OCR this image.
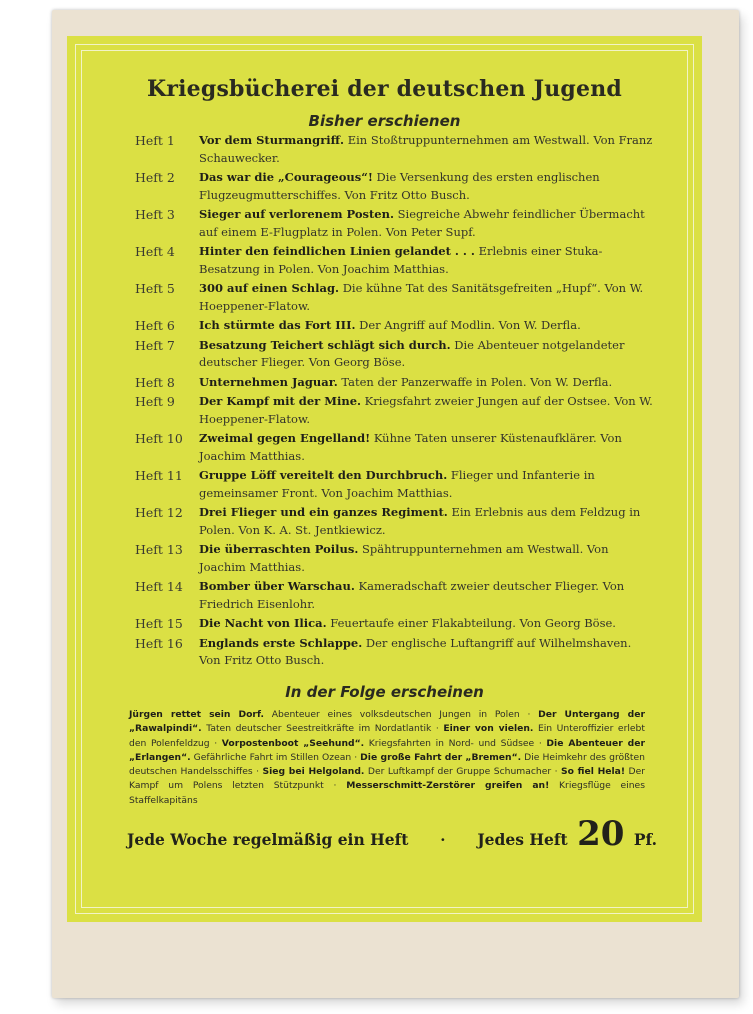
Kriegsbücherei der deutschen Jugend
Bisher erschienen
Heft 1	Vor dem Sturmangriff. Ein Stoßtruppunternehmen am Westwall. Von Franz Schauwecker.
Heft 2	Das war die „Courageous“! Die Versenkung des ersten englischen Flugzeugmutterschiffes. Von Fritz Otto Busch.
Heft 3	Sieger auf verlorenem Posten. Siegreiche Abwehr feindlicher Übermacht auf einem E-Flugplatz in Polen. Von Peter Supf.
Heft 4	Hinter den feindlichen Linien gelandet . . . Erlebnis einer Stuka-Besatzung in Polen. Von Joachim Matthias.
Heft 5	300 auf einen Schlag. Die kühne Tat des Sanitätsgefreiten „Hupf“. Von W. Hoeppener-Flatow.
Heft 6	Ich stürmte das Fort III. Der Angriff auf Modlin. Von W. Derfla.
Heft 7	Besatzung Teichert schlägt sich durch. Die Abenteuer notgelandeter deutscher Flieger. Von Georg Böse.
Heft 8	Unternehmen Jaguar. Taten der Panzerwaffe in Polen. Von W. Derfla.
Heft 9	Der Kampf mit der Mine. Kriegsfahrt zweier Jungen auf der Ostsee. Von W. Hoeppener-Flatow.
Heft 10	Zweimal gegen Engelland! Kühne Taten unserer Küstenaufklärer. Von Joachim Matthias.
Heft 11	Gruppe Löff vereitelt den Durchbruch. Flieger und Infanterie in gemeinsamer Front. Von Joachim Matthias.
Heft 12	Drei Flieger und ein ganzes Regiment. Ein Erlebnis aus dem Feldzug in Polen. Von K. A. St. Jentkiewicz.
Heft 13	Die überraschten Poilus. Spähtruppunternehmen am Westwall. Von Joachim Matthias.
Heft 14	Bomber über Warschau. Kameradschaft zweier deutscher Flieger. Von Friedrich Eisenlohr.
Heft 15	Die Nacht von Ilica. Feuertaufe einer Flakabteilung. Von Georg Böse.
Heft 16	Englands erste Schlappe. Der englische Luftangriff auf Wilhelmshaven. Von Fritz Otto Busch.
In der Folge erscheinen
Jürgen rettet sein Dorf. Abenteuer eines volksdeutschen Jungen in Polen · Der Untergang der „Rawalpindi“. Taten deutscher Seestreitkräfte im Nordatlantik · Einer von vielen. Ein Unteroffizier erlebt den Polenfeldzug · Vorpostenboot „Seehund“. Kriegsfahrten in Nord- und Südsee · Die Abenteuer der „Erlangen“. Gefährliche Fahrt im Stillen Ozean · Die große Fahrt der „Bremen“. Die Heimkehr des größten deutschen Handelsschiffes · Sieg bei Helgoland. Der Luftkampf der Gruppe Schumacher · So fiel Hela! Der Kampf um Polens letzten Stützpunkt · Messerschmitt-Zerstörer greifen an! Kriegsflüge eines Staffelkapitäns
Jede Woche regelmäßig ein Heft · Jedes Heft 20 Pf.
